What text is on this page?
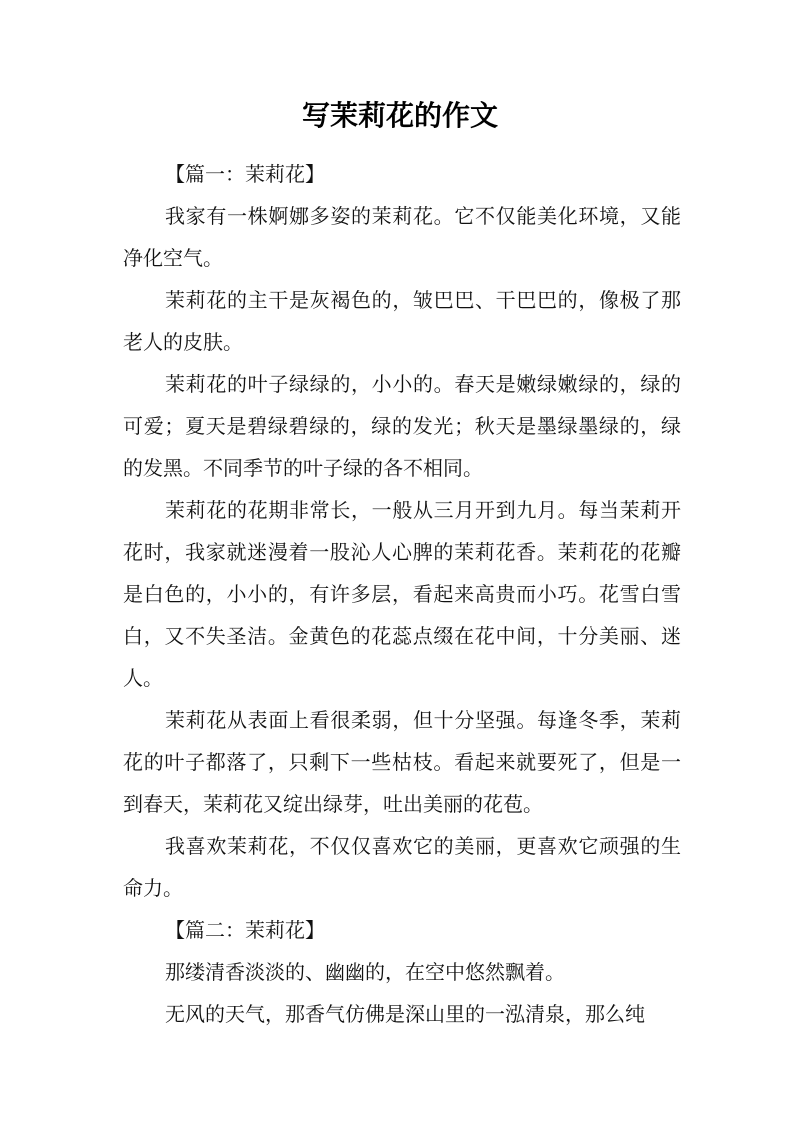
写茉莉花的作文

【篇一：茉莉花】

我家有一株婀娜多姿的茉莉花。它不仅能美化环境，又能净化空气。

茉莉花的主干是灰褐色的，皱巴巴、干巴巴的，像极了那老人的皮肤。

茉莉花的叶子绿绿的，小小的。春天是嫩绿嫩绿的，绿的可爱；夏天是碧绿碧绿的，绿的发光；秋天是墨绿墨绿的，绿的发黑。不同季节的叶子绿的各不相同。

茉莉花的花期非常长，一般从三月开到九月。每当茉莉开花时，我家就迷漫着一股沁人心脾的茉莉花香。茉莉花的花瓣是白色的，小小的，有许多层，看起来高贵而小巧。花雪白雪白，又不失圣洁。金黄色的花蕊点缀在花中间，十分美丽、迷人。

茉莉花从表面上看很柔弱，但十分坚强。每逢冬季，茉莉花的叶子都落了，只剩下一些枯枝。看起来就要死了，但是一到春天，茉莉花又绽出绿芽，吐出美丽的花苞。

我喜欢茉莉花，不仅仅喜欢它的美丽，更喜欢它顽强的生命力。

【篇二：茉莉花】

那缕清香淡淡的、幽幽的，在空中悠然飘着。

无风的天气，那香气仿佛是深山里的一泓清泉，那么纯
